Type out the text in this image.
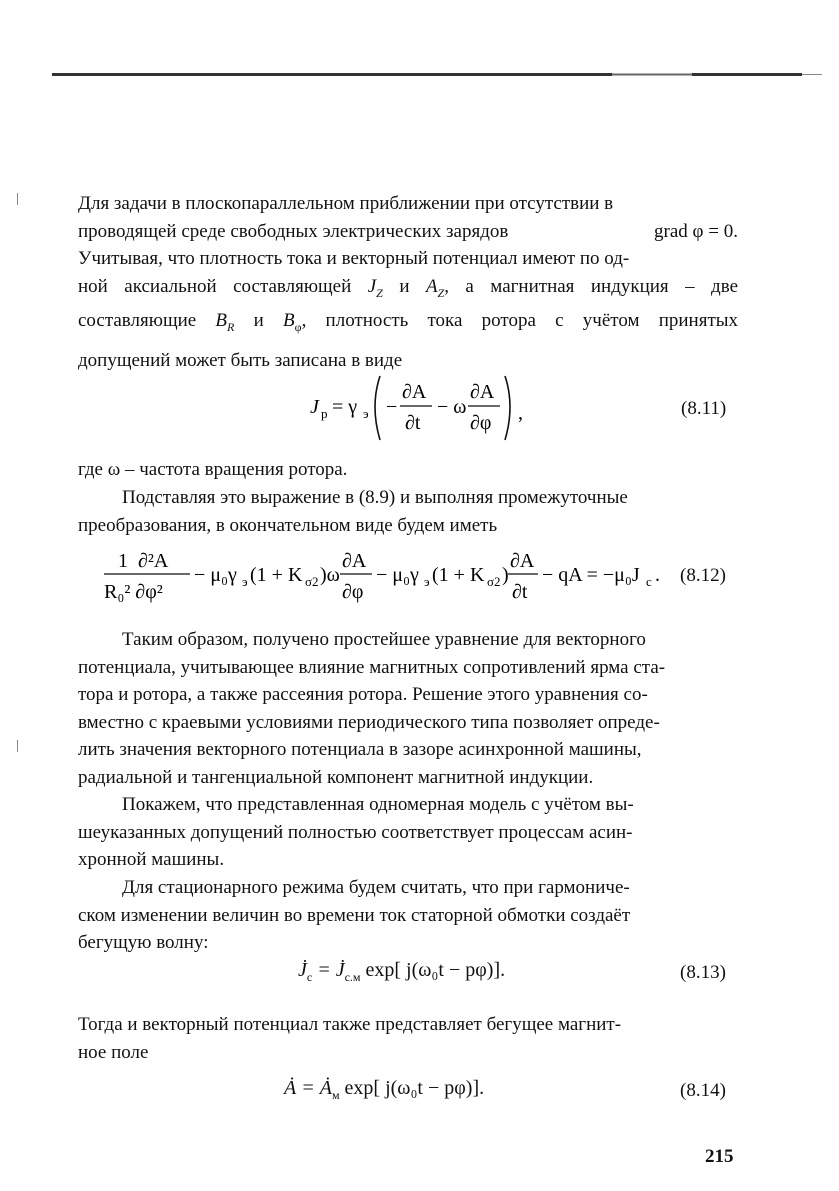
Для задачи в плоскопараллельном приближении при отсутствии в
проводящей среде свободных электрических зарядов	grad φ = 0.
Учитывая, что плотность тока и векторный потенциал имеют по од-
ной аксиальной составляющей $J_Z$ и $A_Z$, а магнитная индукция – две
составляющие $B_R$ и $B_\varphi$, плотность тока ротора с учётом принятых
допущений может быть записана в виде
J р = γ э −
∂A
∂t
− ω
∂A
∂φ ,	(8.11)
где ω – частота вращения ротора.
Подставляя это выражение в (8.9) и выполняя промежуточные
преобразования, в окончательном виде будем иметь
1 ∂²A
R₀² ∂φ²
− μ₀γ э (1 + K σ2 )ω
∂A
∂φ
− μ₀γ э (1 + K σ2 )
∂A
∂t
− qA = −μ₀J с . (8.12)
Таким образом, получено простейшее уравнение для векторного
потенциала, учитывающее влияние магнитных сопротивлений ярма ста-
тора и ротора, а также рассеяния ротора. Решение этого уравнения со-
вместно с краевыми условиями периодического типа позволяет опреде-
лить значения векторного потенциала в зазоре асинхронной машины,
радиальной и тангенциальной компонент магнитной индукции.
Покажем, что представленная одномерная модель с учётом вы-
шеуказанных допущений полностью соответствует процессам асин-
хронной машины.
Для стационарного режима будем считать, что при гармониче-
ском изменении величин во времени ток статорной обмотки создаёт
бегущую волну:
$J̇_с$ = $J̇_{с.м}$ exp[ j(ω₀t − pφ)].	(8.13)
Тогда и векторный потенциал также представляет бегущее магнит-
ное поле
Ȧ = $Ȧ_м$ exp[ j(ω₀t − pφ)].	(8.14)
215
